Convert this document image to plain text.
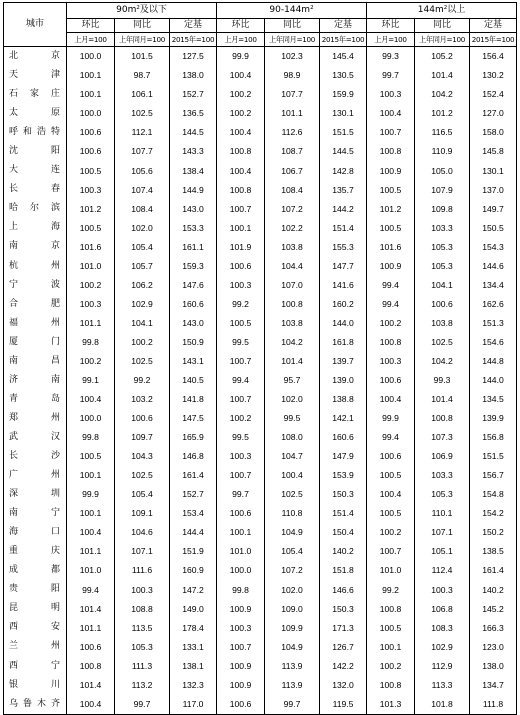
城市	$90m^2$及以下			$90-144m^2$			$144m^2$以上		
	环比	同比	定基	环比	同比	定基	环比	同比	定基
	上月=100	上年同月=100	2015年=100	上月=100	上年同月=100	2015年=100	上月=100	上年同月=100	2015年=100
北京	100.0	101.5	127.5	99.9	102.3	145.4	99.3	105.2	156.4
天津	100.1	98.7	138.0	100.4	98.9	130.5	99.7	101.4	130.2
石家庄	100.1	106.1	152.7	100.2	107.7	159.9	100.3	104.2	152.4
太原	100.0	102.5	136.5	100.2	101.1	130.1	100.4	101.2	127.0
呼和浩特	100.6	112.1	144.5	100.4	112.6	151.5	100.7	116.5	158.0
沈阳	100.6	107.7	143.3	100.8	108.7	144.5	100.8	110.9	145.8
大连	100.5	105.6	138.4	100.4	106.7	142.8	100.9	105.0	130.1
长春	100.3	107.4	144.9	100.8	108.4	135.7	100.5	107.9	137.0
哈尔滨	101.2	108.4	143.0	100.7	107.2	144.2	101.2	109.8	149.7
上海	100.5	102.0	153.3	100.1	102.2	151.4	100.5	103.3	150.5
南京	101.6	105.4	161.1	101.9	103.8	155.3	101.6	105.3	154.3
杭州	101.0	105.7	159.3	100.6	104.4	147.7	100.9	105.3	144.6
宁波	100.2	106.2	147.6	100.3	107.0	141.6	99.4	104.1	134.4
合肥	100.3	102.9	160.6	99.2	100.8	160.2	99.4	100.6	162.6
福州	101.1	104.1	143.0	100.5	103.8	144.0	100.2	103.8	151.3
厦门	99.8	100.2	150.9	99.5	104.2	161.8	100.8	102.5	154.6
南昌	100.2	102.5	143.1	100.7	101.4	139.7	100.3	104.2	144.8
济南	99.1	99.2	140.5	99.4	95.7	139.0	100.6	99.3	144.0
青岛	100.4	103.2	141.8	100.7	102.0	138.8	100.4	101.4	134.5
郑州	100.0	100.6	147.5	100.2	99.5	142.1	99.9	100.8	139.9
武汉	99.8	109.7	165.9	99.5	108.0	160.6	99.4	107.3	156.8
长沙	100.5	104.3	146.8	100.3	104.7	147.9	100.6	106.9	151.5
广州	100.1	102.5	161.4	100.7	100.4	153.9	100.5	103.3	156.7
深圳	99.9	105.4	152.7	99.7	102.5	150.3	100.4	105.3	154.8
南宁	100.1	109.1	153.4	100.6	110.8	151.4	100.5	110.1	154.2
海口	100.4	104.6	144.4	100.1	104.9	150.4	100.2	107.1	150.2
重庆	101.1	107.1	151.9	101.0	105.4	140.2	100.7	105.1	138.5
成都	101.0	111.6	160.9	100.0	107.2	151.8	101.0	112.4	161.4
贵阳	99.4	100.3	147.2	99.8	102.0	146.6	99.2	100.3	140.2
昆明	101.4	108.8	149.0	100.9	109.0	150.3	100.8	106.8	145.2
西安	101.1	113.5	178.4	100.3	109.9	171.3	100.5	108.3	166.3
兰州	100.6	105.3	133.1	100.7	104.9	126.7	100.1	102.9	123.0
西宁	100.8	111.3	138.1	100.9	113.9	142.2	100.2	112.9	138.0
银川	101.4	113.2	132.3	100.9	113.9	132.0	100.8	113.3	134.7
乌鲁木齐	100.4	99.7	117.0	100.6	99.7	119.5	101.3	101.8	111.8
